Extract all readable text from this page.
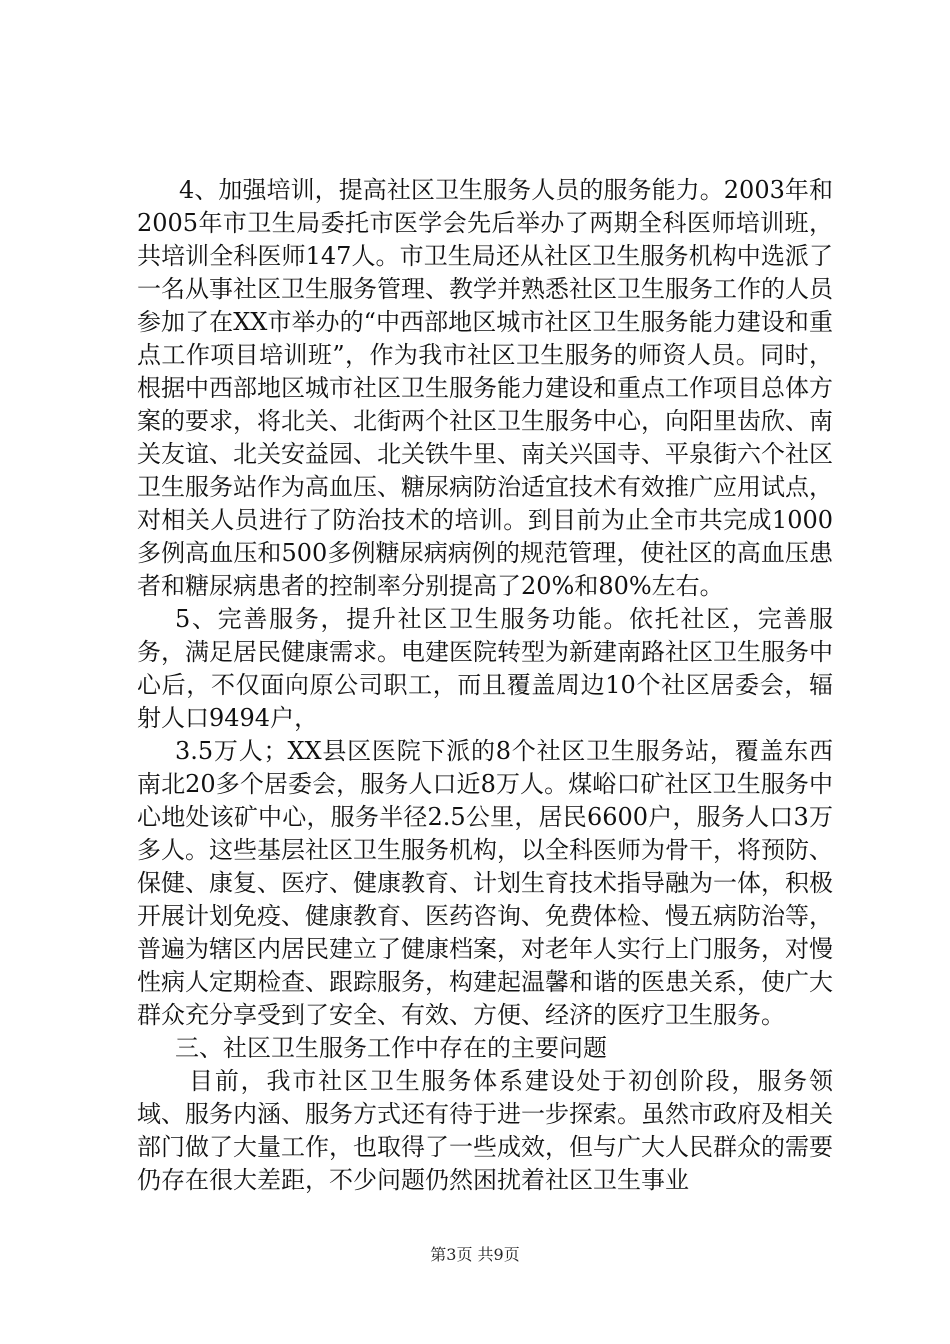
4、加强培训，提高社区卫生服务人员的服务能力。2003年和2005年市卫生局委托市医学会先后举办了两期全科医师培训班，共培训全科医师147人。市卫生局还从社区卫生服务机构中选派了一名从事社区卫生服务管理、教学并熟悉社区卫生服务工作的人员参加了在XX市举办的“中西部地区城市社区卫生服务能力建设和重点工作项目培训班”，作为我市社区卫生服务的师资人员。同时，根据中西部地区城市社区卫生服务能力建设和重点工作项目总体方案的要求，将北关、北街两个社区卫生服务中心，向阳里齿欣、南关友谊、北关安益园、北关铁牛里、南关兴国寺、平泉街六个社区卫生服务站作为高血压、糖尿病防治适宜技术有效推广应用试点，对相关人员进行了防治技术的培训。到目前为止全市共完成1000多例高血压和500多例糖尿病病例的规范管理，使社区的高血压患者和糖尿病患者的控制率分别提高了20%和80%左右。

5、完善服务，提升社区卫生服务功能。依托社区，完善服务，满足居民健康需求。电建医院转型为新建南路社区卫生服务中心后，不仅面向原公司职工，而且覆盖周边10个社区居委会，辐射人口9494户，

3.5万人；XX县区医院下派的8个社区卫生服务站，覆盖东西南北20多个居委会，服务人口近8万人。煤峪口矿社区卫生服务中心地处该矿中心，服务半径2.5公里，居民6600户，服务人口3万多人。这些基层社区卫生服务机构，以全科医师为骨干，将预防、保健、康复、医疗、健康教育、计划生育技术指导融为一体，积极开展计划免疫、健康教育、医药咨询、免费体检、慢五病防治等，普遍为辖区内居民建立了健康档案，对老年人实行上门服务，对慢性病人定期检查、跟踪服务，构建起温馨和谐的医患关系，使广大群众充分享受到了安全、有效、方便、经济的医疗卫生服务。

三、社区卫生服务工作中存在的主要问题

目前，我市社区卫生服务体系建设处于初创阶段，服务领域、服务内涵、服务方式还有待于进一步探索。虽然市政府及相关部门做了大量工作，也取得了一些成效，但与广大人民群众的需要仍存在很大差距，不少问题仍然困扰着社区卫生事业

第3页 共9页
